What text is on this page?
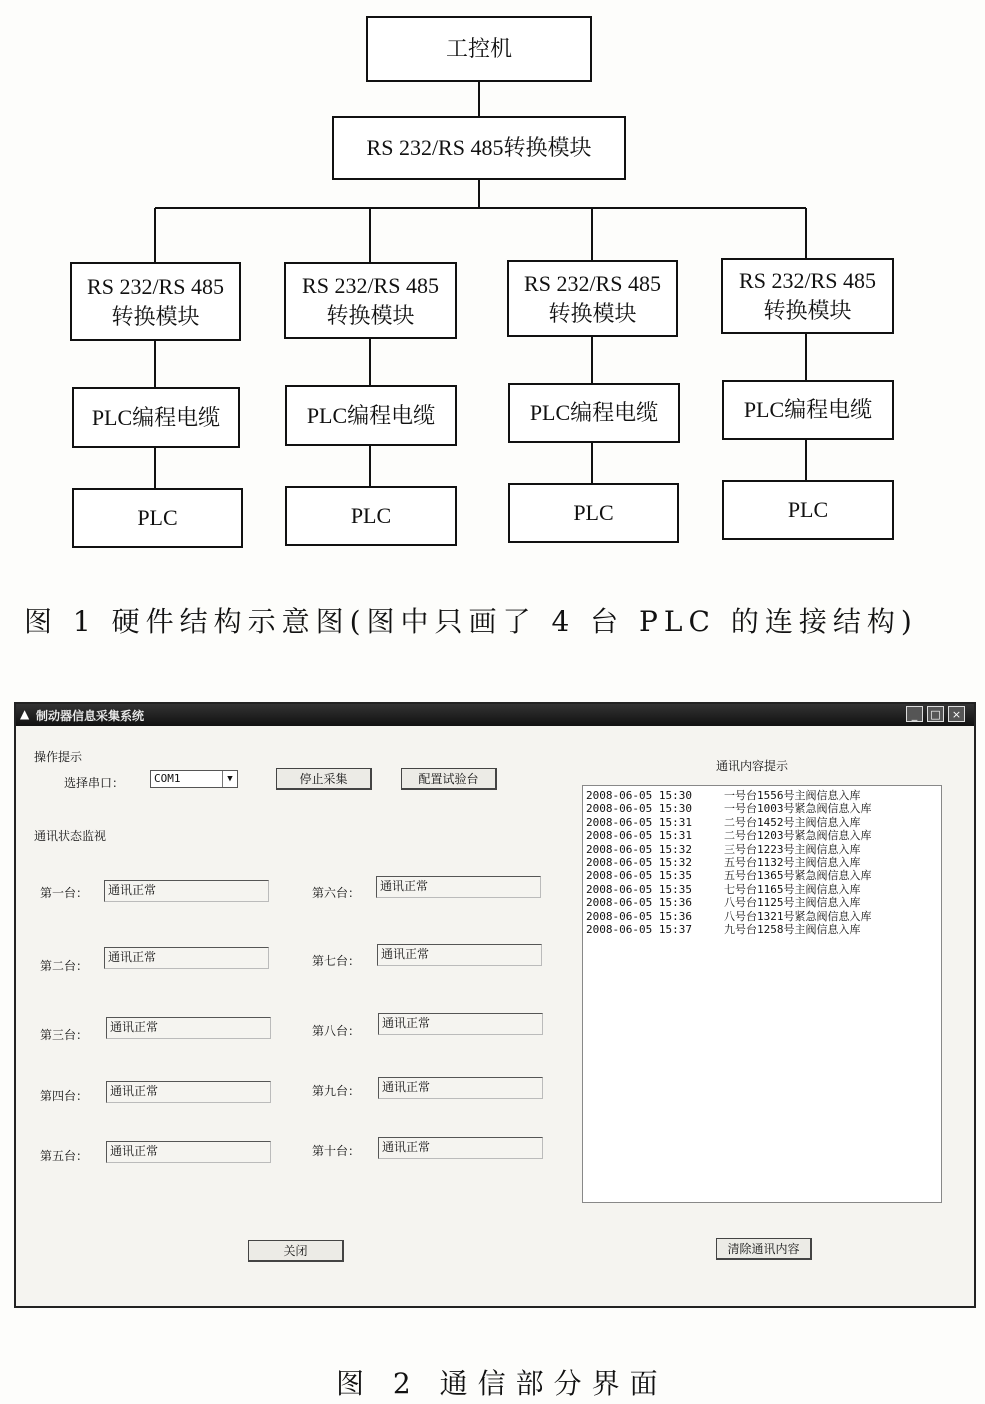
工控机
RS 232/RS 485转换模块
RS 232/RS 485
转换模块
PLC编程电缆
PLC
RS 232/RS 485
转换模块
PLC编程电缆
PLC
RS 232/RS 485
转换模块
PLC编程电缆
PLC
RS 232/RS 485
转换模块
PLC编程电缆
PLC
图 1 硬件结构示意图(图中只画了 4 台 PLC 的连接结构)
▲ 制动器信息采集系统	_	□	×
操作提示
选择串口：	COM1	▼	停止采集	配置试验台
通讯状态监视
第一台：	通讯正常
第二台：
通讯正常
第三台：
通讯正常
第四台：	通讯正常
第五台：	通讯正常
第六台：	通讯正常
第七台：	通讯正常
第八台：
通讯正常
第九台：	通讯正常
第十台：	通讯正常
通讯内容提示
2008-06-05 15:30	一号台1556号主阀信息入库
2008-06-05 15:30	一号台1003号紧急阀信息入库
2008-06-05 15:31	二号台1452号主阀信息入库
2008-06-05 15:31	二号台1203号紧急阀信息入库
2008-06-05 15:32	三号台1223号主阀信息入库
2008-06-05 15:32	五号台1132号主阀信息入库
2008-06-05 15:35	五号台1365号紧急阀信息入库
2008-06-05 15:35	七号台1165号主阀信息入库
2008-06-05 15:36	八号台1125号主阀信息入库
2008-06-05 15:36	八号台1321号紧急阀信息入库
2008-06-05 15:37	九号台1258号主阀信息入库
关闭	清除通讯内容
图 2 通信部分界面
